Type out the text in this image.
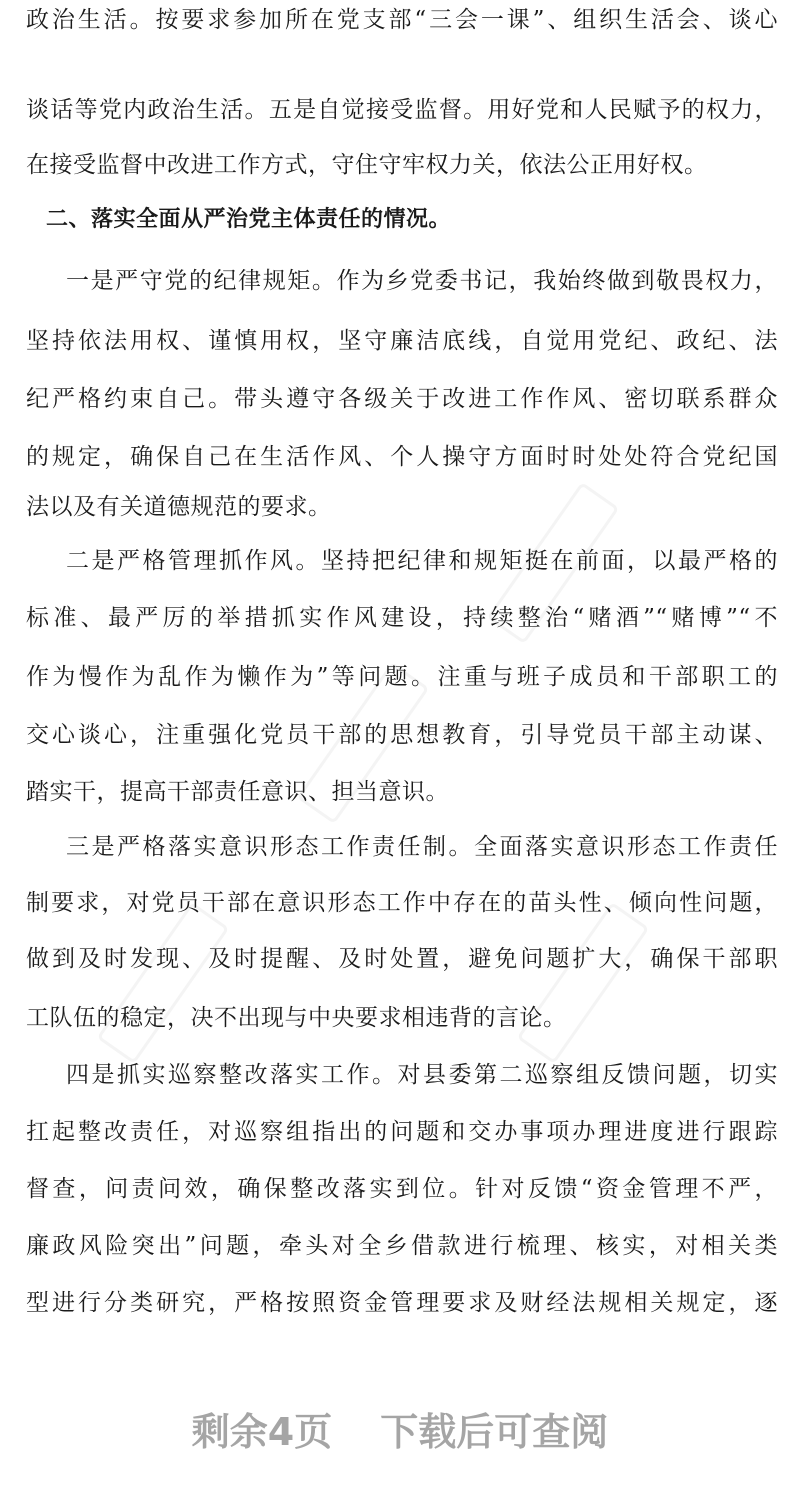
政治生活。按要求参加所在党支部“三会一课”、组织生活会、谈心
谈话等党内政治生活。五是自觉接受监督。用好党和人民赋予的权力，
在接受监督中改进工作方式，守住守牢权力关，依法公正用好权。
二、落实全面从严治党主体责任的情况。
一是严守党的纪律规矩。作为乡党委书记，我始终做到敬畏权力，
坚持依法用权、谨慎用权，坚守廉洁底线，自觉用党纪、政纪、法
纪严格约束自己。带头遵守各级关于改进工作作风、密切联系群众
的规定，确保自己在生活作风、个人操守方面时时处处符合党纪国
法以及有关道德规范的要求。
二是严格管理抓作风。坚持把纪律和规矩挺在前面，以最严格的
标准、最严厉的举措抓实作风建设，持续整治“赌酒”“赌博”“不
作为慢作为乱作为懒作为”等问题。注重与班子成员和干部职工的
交心谈心，注重强化党员干部的思想教育，引导党员干部主动谋、
踏实干，提高干部责任意识、担当意识。
三是严格落实意识形态工作责任制。全面落实意识形态工作责任
制要求，对党员干部在意识形态工作中存在的苗头性、倾向性问题，
做到及时发现、及时提醒、及时处置，避免问题扩大，确保干部职
工队伍的稳定，决不出现与中央要求相违背的言论。
四是抓实巡察整改落实工作。对县委第二巡察组反馈问题，切实
扛起整改责任，对巡察组指出的问题和交办事项办理进度进行跟踪
督查，问责问效，确保整改落实到位。针对反馈“资金管理不严，
廉政风险突出”问题，牵头对全乡借款进行梳理、核实，对相关类
型进行分类研究，严格按照资金管理要求及财经法规相关规定，逐
剩余4页 下载后可查阅
